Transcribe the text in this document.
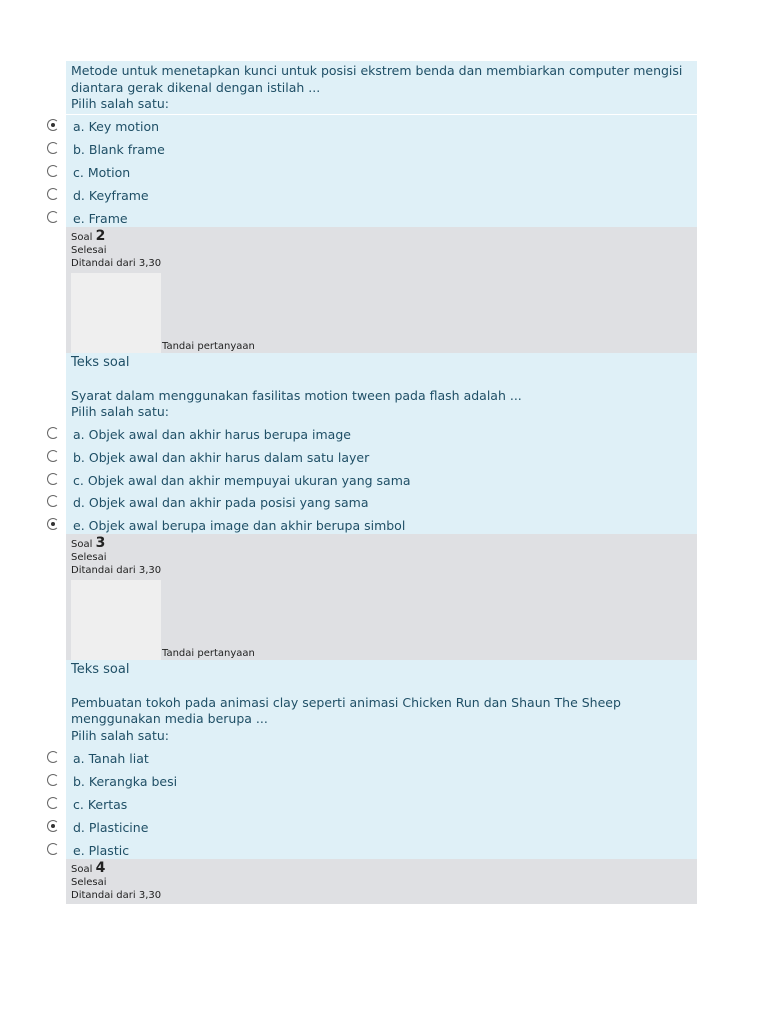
Metode untuk menetapkan kunci untuk posisi ekstrem benda dan membiarkan computer mengisi

diantara gerak dikenal dengan istilah ...

Pilih salah satu:

a. Key motion
b. Blank frame
c. Motion
d. Keyframe
e. Frame
Soal 2
Selesai
Ditandai dari 3,30
Tandai pertanyaan

Teks soal

Syarat dalam menggunakan fasilitas motion tween pada flash adalah ...

Pilih salah satu:

a. Objek awal dan akhir harus berupa image
b. Objek awal dan akhir harus dalam satu layer
c. Objek awal dan akhir mempuyai ukuran yang sama
d. Objek awal dan akhir pada posisi yang sama
e. Objek awal berupa image dan akhir berupa simbol
Soal 3
Selesai
Ditandai dari 3,30
Tandai pertanyaan

Teks soal

Pembuatan tokoh pada animasi clay seperti animasi Chicken Run dan Shaun The Sheep

menggunakan media berupa ...

Pilih salah satu:

a. Tanah liat
b. Kerangka besi
c. Kertas
d. Plasticine
e. Plastic
Soal 4
Selesai
Ditandai dari 3,30
